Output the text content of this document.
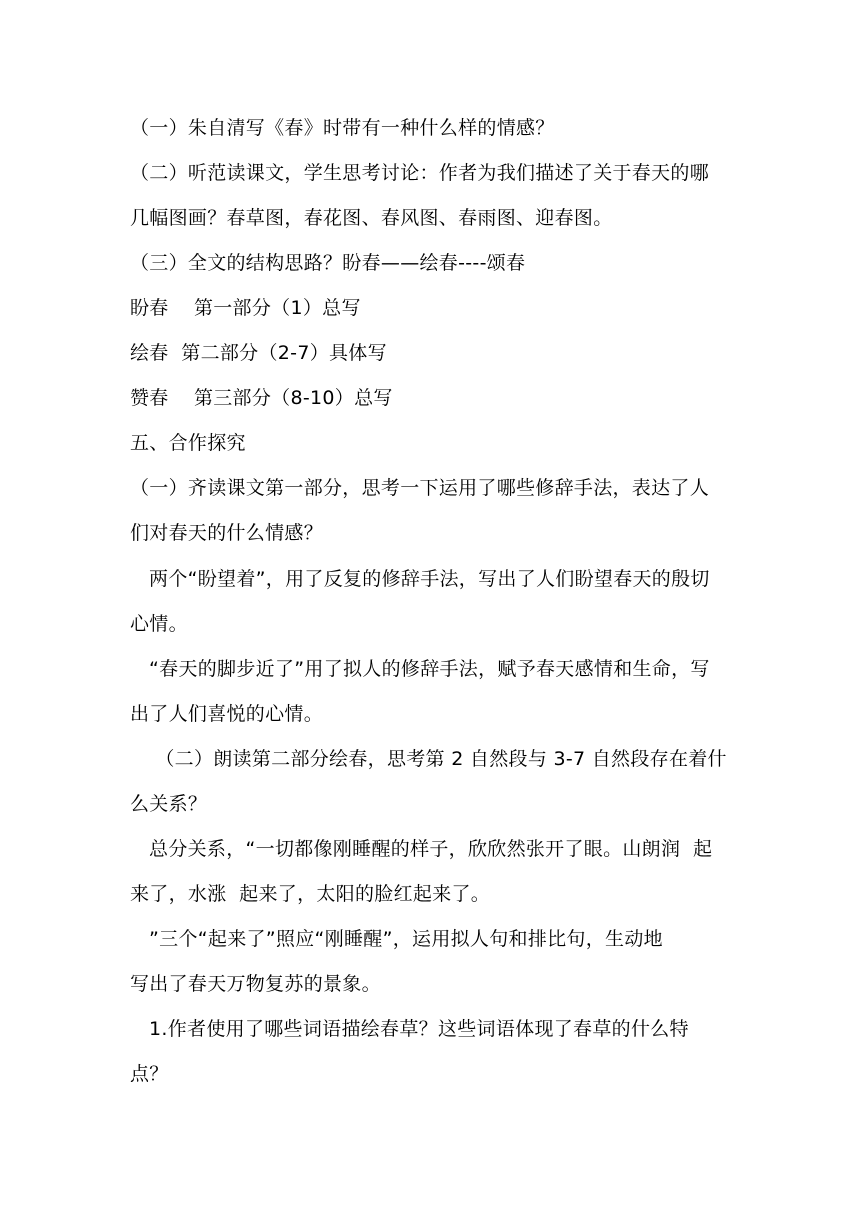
（一）朱自清写《春》时带有一种什么样的情感？
（二）听范读课文，学生思考讨论：作者为我们描述了关于春天的哪
几幅图画？春草图，春花图、春风图、春雨图、迎春图。
（三）全文的结构思路？盼春——绘春----颂春
盼春    第一部分（1）总写
绘春  第二部分（2-7）具体写
赞春    第三部分（8-10）总写
五、合作探究
（一）齐读课文第一部分，思考一下运用了哪些修辞手法，表达了人
们对春天的什么情感？
两个“盼望着”，用了反复的修辞手法，写出了人们盼望春天的殷切
心情。
“春天的脚步近了”用了拟人的修辞手法，赋予春天感情和生命，写
出了人们喜悦的心情。
（二）朗读第二部分绘春，思考第 2 自然段与 3-7 自然段存在着什
么关系？
总分关系，“一切都像刚睡醒的样子，欣欣然张开了眼。山朗润  起
来了，水涨  起来了，太阳的脸红起来了。
”三个“起来了”照应“刚睡醒”，运用拟人句和排比句，生动地
写出了春天万物复苏的景象。
1.作者使用了哪些词语描绘春草？这些词语体现了春草的什么特
点？
